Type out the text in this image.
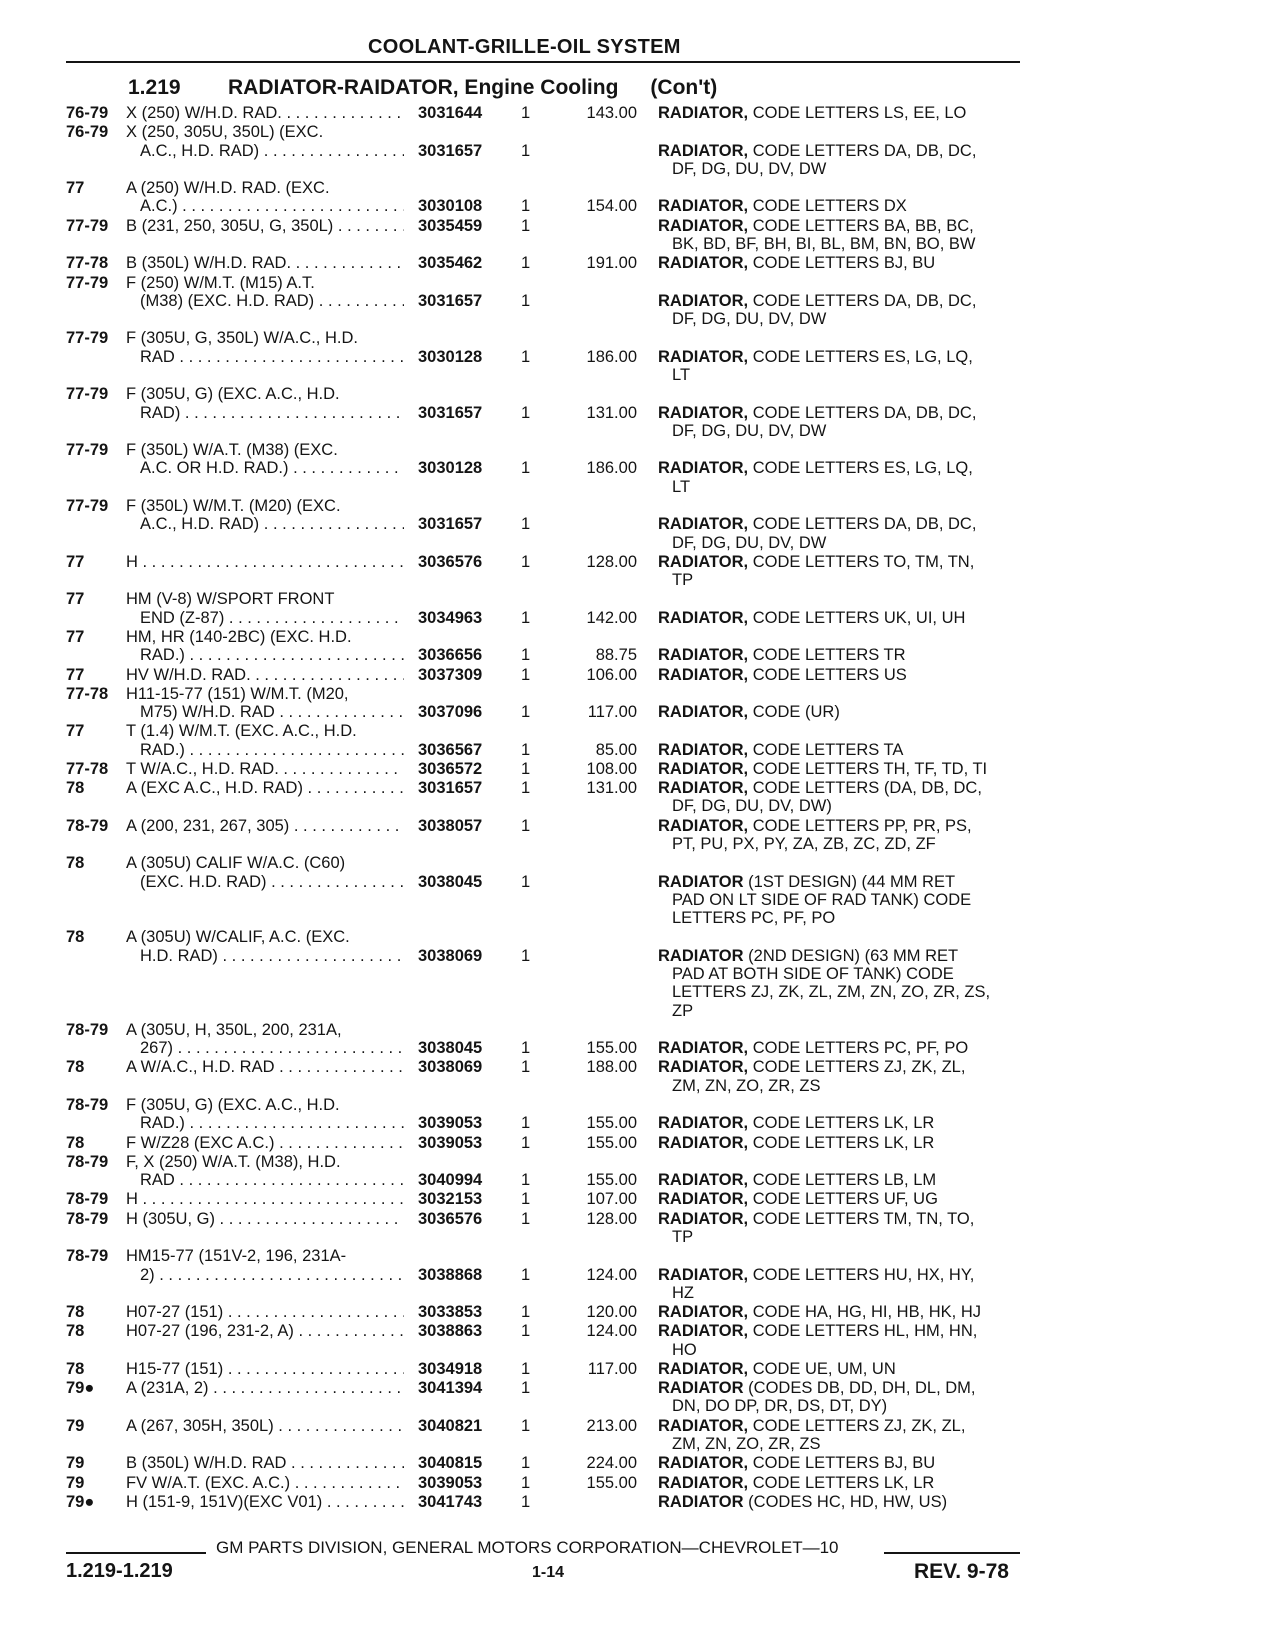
COOLANT-GRILLE-OIL SYSTEM
1.219 RADIATOR-RAIDATOR, Engine Cooling (Con't)
76-79	X (250) W/H.D. RAD. . . .	3031644	1	143.00 RADIATOR, CODE LETTERS LS, EE, LO
76-79	X (250, 305U, 350L) (EXC.
A.C., H.D. RAD) . . .	3031657	1	RADIATOR, CODE LETTERS DA, DB, DC,
DF, DG, DU, DV, DW
77	A (250) W/H.D. RAD. (EXC.
A.C.) . . .	3030108	1	154.00 RADIATOR, CODE LETTERS DX
77-79	B (231, 250, 305U, G, 350L) . . .	3035459	1	RADIATOR, CODE LETTERS BA, BB, BC,
BK, BD, BF, BH, BI, BL, BM, BN, BO, BW
77-78	B (350L) W/H.D. RAD. . . .	3035462	1	191.00 RADIATOR, CODE LETTERS BJ, BU
77-79	F (250) W/M.T. (M15) A.T.
(M38) (EXC. H.D. RAD) . . .	3031657	1	RADIATOR, CODE LETTERS DA, DB, DC,
DF, DG, DU, DV, DW
77-79	F (305U, G, 350L) W/A.C., H.D.
RAD . . .	3030128	1	186.00 RADIATOR, CODE LETTERS ES, LG, LQ,
LT
77-79	F (305U, G) (EXC. A.C., H.D.
RAD) . . .	3031657	1	131.00 RADIATOR, CODE LETTERS DA, DB, DC,
DF, DG, DU, DV, DW
77-79	F (350L) W/A.T. (M38) (EXC.
A.C. OR H.D. RAD.) . . .	3030128	1	186.00 RADIATOR, CODE LETTERS ES, LG, LQ,
LT
77-79	F (350L) W/M.T. (M20) (EXC.
A.C., H.D. RAD) . . .	3031657	1	RADIATOR, CODE LETTERS DA, DB, DC,
DF, DG, DU, DV, DW
77	H . . .	3036576	1	128.00 RADIATOR, CODE LETTERS TO, TM, TN,
TP
77	HM (V-8) W/SPORT FRONT
END (Z-87) . . .	3034963	1	142.00 RADIATOR, CODE LETTERS UK, UI, UH
77	HM, HR (140-2BC) (EXC. H.D.
RAD.) . . .	3036656	1	88.75 RADIATOR, CODE LETTERS TR
77	HV W/H.D. RAD. . . .	3037309	1	106.00 RADIATOR, CODE LETTERS US
77-78	H11-15-77 (151) W/M.T. (M20,
M75) W/H.D. RAD . . .	3037096	1	117.00 RADIATOR, CODE (UR)
77	T (1.4) W/M.T. (EXC. A.C., H.D.
RAD.) . . .	3036567	1	85.00 RADIATOR, CODE LETTERS TA
77-78	T W/A.C., H.D. RAD. . . .	3036572	1	108.00 RADIATOR, CODE LETTERS TH, TF, TD, TI
78	A (EXC A.C., H.D. RAD) . . .	3031657	1	131.00 RADIATOR, CODE LETTERS (DA, DB, DC,
DF, DG, DU, DV, DW)
78-79	A (200, 231, 267, 305) . . .	3038057	1	RADIATOR, CODE LETTERS PP, PR, PS,
PT, PU, PX, PY, ZA, ZB, ZC, ZD, ZF
78	A (305U) CALIF W/A.C. (C60)
(EXC. H.D. RAD) . . .	3038045	1	RADIATOR (1ST DESIGN) (44 MM RET
PAD ON LT SIDE OF RAD TANK) CODE
LETTERS PC, PF, PO
78	A (305U) W/CALIF, A.C. (EXC.
H.D. RAD) . . .	3038069	1	RADIATOR (2ND DESIGN) (63 MM RET
PAD AT BOTH SIDE OF TANK) CODE
LETTERS ZJ, ZK, ZL, ZM, ZN, ZO, ZR, ZS,
ZP
78-79	A (305U, H, 350L, 200, 231A,
267) . . .	3038045	1	155.00 RADIATOR, CODE LETTERS PC, PF, PO
78	A W/A.C., H.D. RAD . . .	3038069	1	188.00 RADIATOR, CODE LETTERS ZJ, ZK, ZL,
ZM, ZN, ZO, ZR, ZS
78-79	F (305U, G) (EXC. A.C., H.D.
RAD.) . . .	3039053	1	155.00 RADIATOR, CODE LETTERS LK, LR
78	F W/Z28 (EXC A.C.) . . .	3039053	1	155.00 RADIATOR, CODE LETTERS LK, LR
78-79	F, X (250) W/A.T. (M38), H.D.
RAD . . .	3040994	1	155.00 RADIATOR, CODE LETTERS LB, LM
78-79	H . . .	3032153	1	107.00 RADIATOR, CODE LETTERS UF, UG
78-79	H (305U, G) . . .	3036576	1	128.00 RADIATOR, CODE LETTERS TM, TN, TO,
TP
78-79	HM15-77 (151V-2, 196, 231A-
2) . . .	3038868	1	124.00 RADIATOR, CODE LETTERS HU, HX, HY,
HZ
78	H07-27 (151) . . .	3033853	1	120.00 RADIATOR, CODE HA, HG, HI, HB, HK, HJ
78	H07-27 (196, 231-2, A) . . .	3038863	1	124.00 RADIATOR, CODE LETTERS HL, HM, HN,
HO
78	H15-77 (151) . . .	3034918	1	117.00 RADIATOR, CODE UE, UM, UN
79●	A (231A, 2) . . .	3041394	1	RADIATOR (CODES DB, DD, DH, DL, DM,
DN, DO DP, DR, DS, DT, DY)
79	A (267, 305H, 350L) . . .	3040821	1	213.00 RADIATOR, CODE LETTERS ZJ, ZK, ZL,
ZM, ZN, ZO, ZR, ZS
79	B (350L) W/H.D. RAD . . .	3040815	1	224.00 RADIATOR, CODE LETTERS BJ, BU
79	FV W/A.T. (EXC. A.C.) . . .	3039053	1	155.00 RADIATOR, CODE LETTERS LK, LR
79●	H (151-9, 151V)(EXC V01) . . .	3041743	1	RADIATOR (CODES HC, HD, HW, US)
GM PARTS DIVISION, GENERAL MOTORS CORPORATION—CHEVROLET—10
1.219-1.219	1-14	REV. 9-78
